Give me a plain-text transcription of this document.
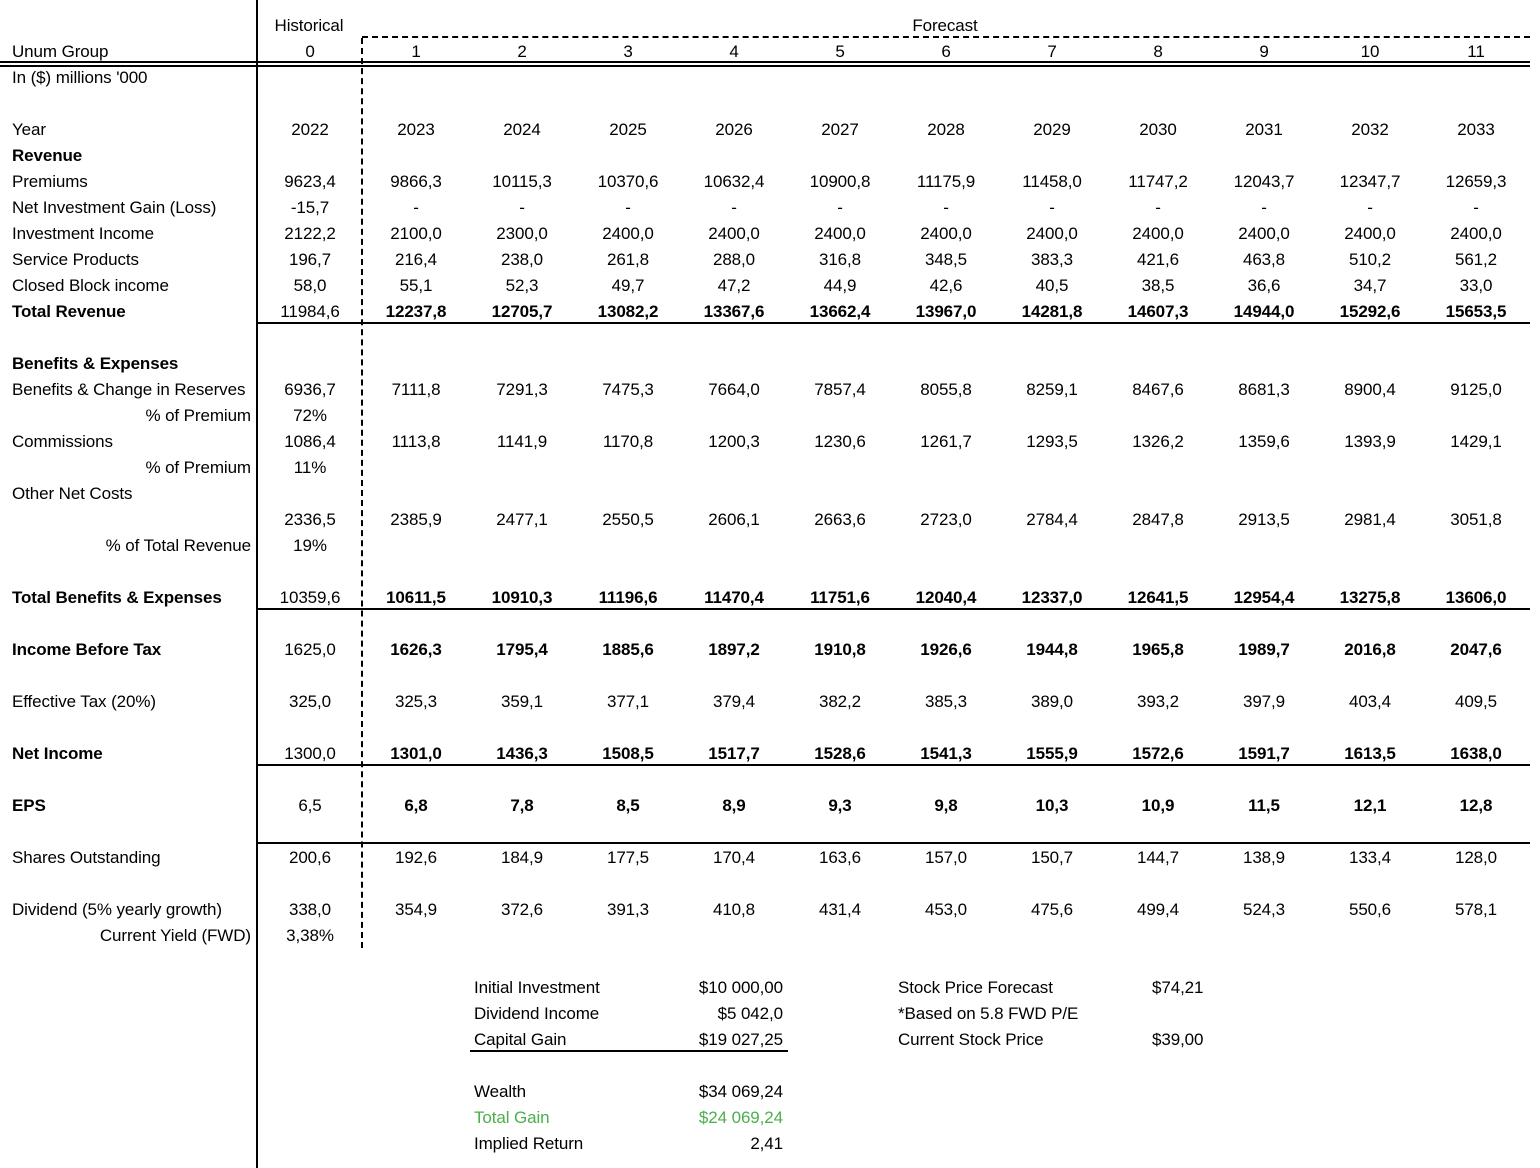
Unum Group
Historical	Forecast
In ($) millions '000
0	1	2	3	4	5	6	7	8	9	10	11
Year	2022	2023	2024	2025	2026	2027	2028	2029	2030	2031	2032	2033
Revenue
Premiums	9623,4	9866,3	10115,3	10370,6	10632,4	10900,8	11175,9	11458,0	11747,2	12043,7	12347,7	12659,3
Net Investment Gain (Loss)	-15,7	-	-	-	-	-	-	-	-	-	-	-
Investment Income	2122,2	2100,0	2300,0	2400,0	2400,0	2400,0	2400,0	2400,0	2400,0	2400,0	2400,0	2400,0
Service Products	196,7	216,4	238,0	261,8	288,0	316,8	348,5	383,3	421,6	463,8	510,2	561,2
Closed Block income	58,0	55,1	52,3	49,7	47,2	44,9	42,6	40,5	38,5	36,6	34,7	33,0
Total Revenue	11984,6	12237,8	12705,7	13082,2	13367,6	13662,4	13967,0	14281,8	14607,3	14944,0	15292,6	15653,5
Benefits & Expenses
Benefits & Change in Reserves	6936,7	7111,8	7291,3	7475,3	7664,0	7857,4	8055,8	8259,1	8467,6	8681,3	8900,4	9125,0
% of Premium	72%
Commissions	1086,4	1113,8	1141,9	1170,8	1200,3	1230,6	1261,7	1293,5	1326,2	1359,6	1393,9	1429,1
% of Premium	11%
Other Net Costs
2336,5	2385,9	2477,1	2550,5	2606,1	2663,6	2723,0	2784,4	2847,8	2913,5	2981,4	3051,8
% of Total Revenue	19%
Total Benefits & Expenses	10359,6	10611,5	10910,3	11196,6	11470,4	11751,6	12040,4	12337,0	12641,5	12954,4	13275,8	13606,0
Income Before Tax	1625,0	1626,3	1795,4	1885,6	1897,2	1910,8	1926,6	1944,8	1965,8	1989,7	2016,8	2047,6
Effective Tax (20%)	325,0	325,3	359,1	377,1	379,4	382,2	385,3	389,0	393,2	397,9	403,4	409,5
Net Income	1300,0	1301,0	1436,3	1508,5	1517,7	1528,6	1541,3	1555,9	1572,6	1591,7	1613,5	1638,0
EPS	6,5	6,8	7,8	8,5	8,9	9,3	9,8	10,3	10,9	11,5	12,1	12,8
Shares Outstanding	200,6	192,6	184,9	177,5	170,4	163,6	157,0	150,7	144,7	138,9	133,4	128,0
Dividend (5% yearly growth)	338,0	354,9	372,6	391,3	410,8	431,4	453,0	475,6	499,4	524,3	550,6	578,1
Current Yield (FWD)	3,38%
Initial Investment	$10 000,00
Dividend Income	$5 042,0
Capital Gain	$19 027,25
Wealth	$34 069,24
Total Gain	$24 069,24
Implied Return	2,41
Stock Price Forecast	$74,21
*Based on 5.8 FWD P/E
Current Stock Price	$39,00
